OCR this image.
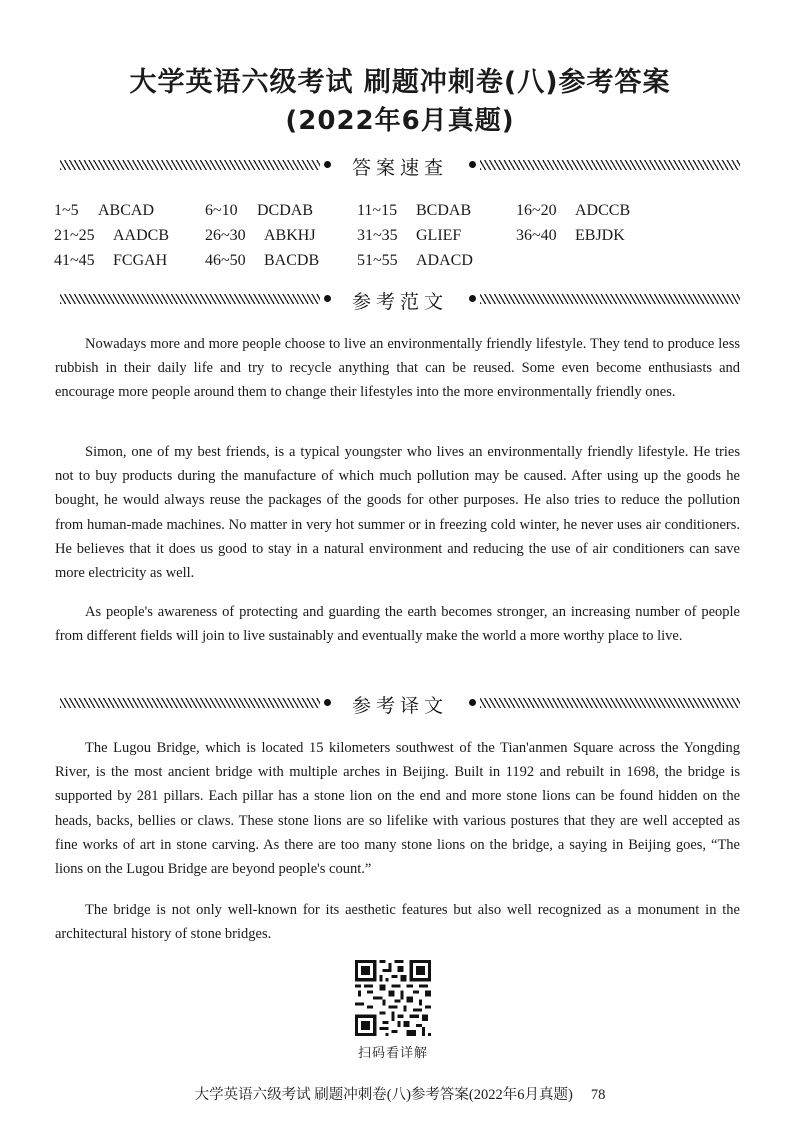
大学英语六级考试 刷题冲刺卷(八)参考答案
(2022年6月真题)
答案速查
1~5 ABCAD	6~10 DCDAB	11~15 BCDAB	16~20 ADCCB
21~25 AADCB 26~30 ABKHJ	31~35 GLIEF	36~40 EBJDK
41~45 FCGAH 46~50 BACDB 51~55 ADACD
参考范文

Nowadays more and more people choose to live an environmentally friendly lifestyle. They tend to produce less rubbish in their daily life and try to recycle anything that can be reused. Some even become enthusiasts and encourage more people around them to change their lifestyles into the more environmentally friendly ones.

Simon, one of my best friends, is a typical youngster who lives an environmentally friendly lifestyle. He tries not to buy products during the manufacture of which much pollution may be caused. After using up the goods he bought, he would always reuse the packages of the goods for other purposes. He also tries to reduce the pollution from human-made machines. No matter in very hot summer or in freezing cold winter, he never uses air conditioners. He believes that it does us good to stay in a natural environment and reducing the use of air conditioners can save more electricity as well.

As people's awareness of protecting and guarding the earth becomes stronger, an increasing number of people from different fields will join to live sustainably and eventually make the world a more worthy place to live.

参考译文

The Lugou Bridge, which is located 15 kilometers southwest of the Tian'anmen Square across the Yongding River, is the most ancient bridge with multiple arches in Beijing. Built in 1192 and rebuilt in 1698, the bridge is supported by 281 pillars. Each pillar has a stone lion on the end and more stone lions can be found hidden on the heads, backs, bellies or claws. These stone lions are so lifelike with various postures that they are well accepted as fine works of art in stone carving. As there are too many stone lions on the bridge, a saying in Beijing goes, “The lions on the Lugou Bridge are beyond people's count.”

The bridge is not only well-known for its aesthetic features but also well recognized as a monument in the architectural history of stone bridges.

扫码看详解
大学英语六级考试 刷题冲刺卷(八)参考答案(2022年6月真题) 78
